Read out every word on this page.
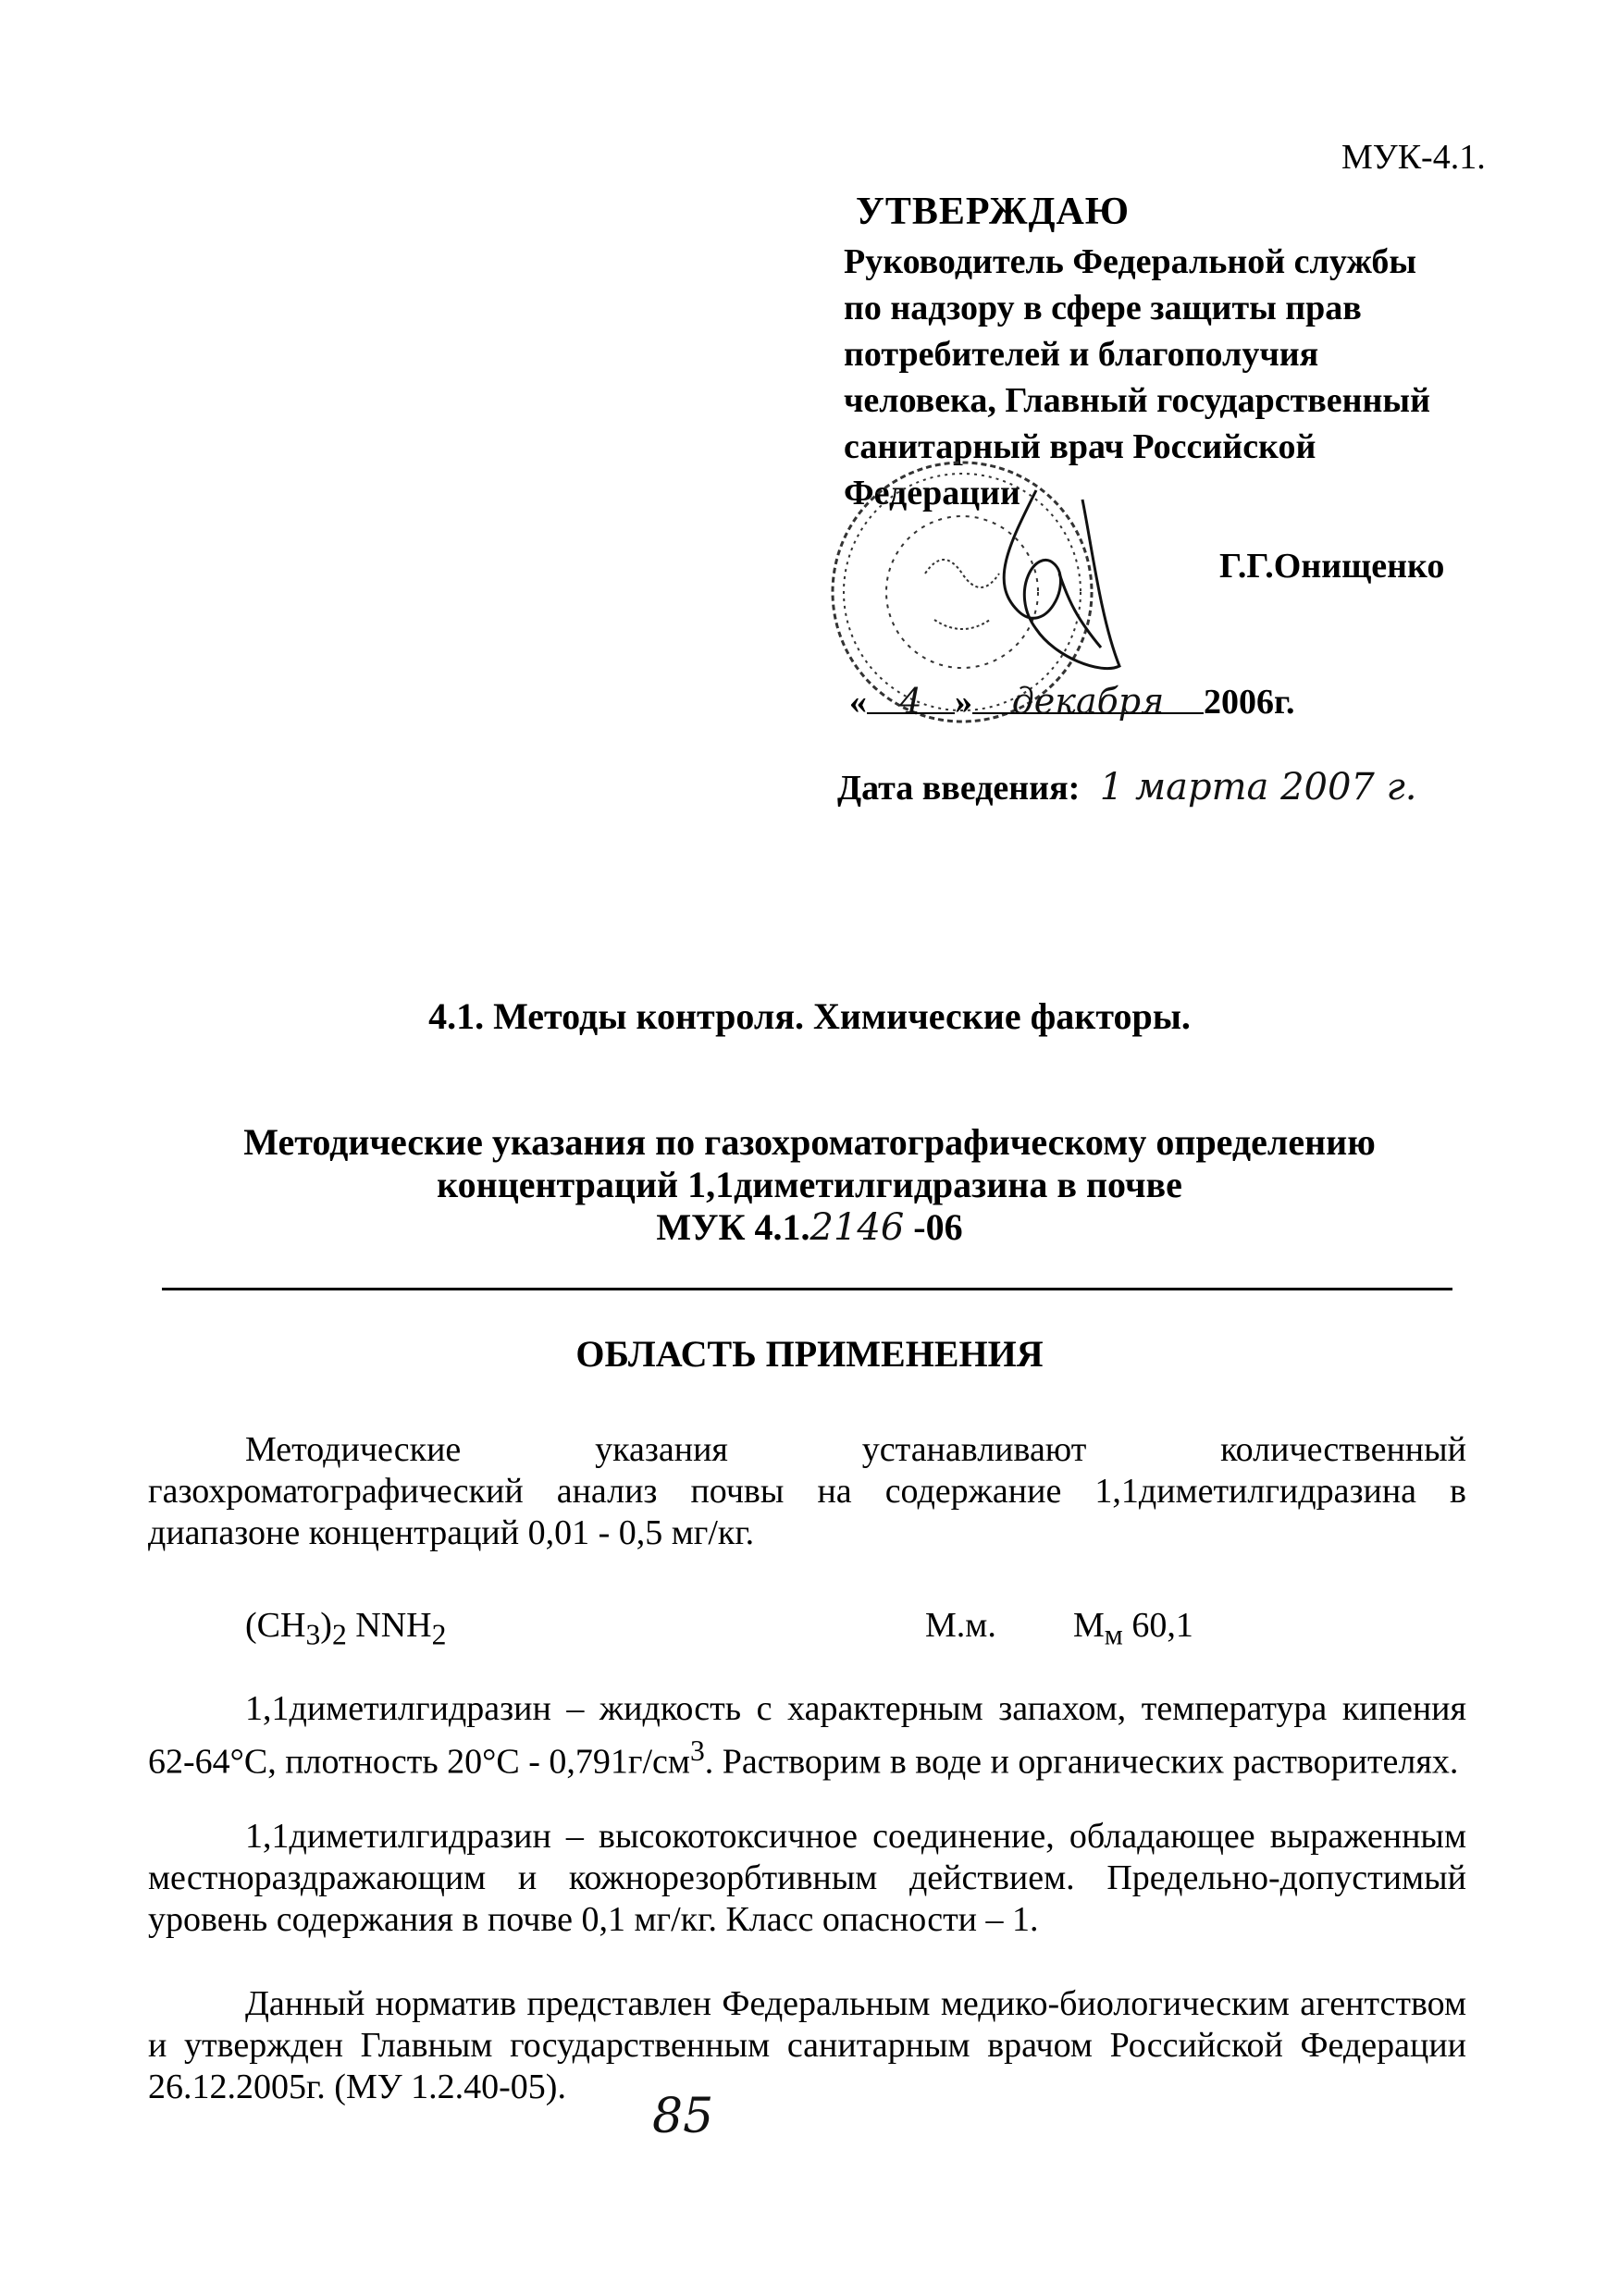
МУК-4.1.
УТВЕРЖДАЮ
Руководитель Федеральной службы
по надзору в сфере защиты прав
потребителей и благополучия
человека, Главный государственный
санитарный врач Российской
Федерации
Г.Г.Онищенко
« 4 » декабря 2006г.
Дата введения: 1 марта 2007 г.
4.1. Методы контроля. Химические факторы.
Методические указания по газохроматографическому определению
концентраций 1,1диметилгидразина в почве
МУК 4.1.2146 -06
ОБЛАСТЬ ПРИМЕНЕНИЯ

Методические указания устанавливают количественный газохроматографический анализ почвы на содержание 1,1диметилгидразина в диапазоне концентраций 0,01 - 0,5 мг/кг.

$(CH_3)_2$ $NNH_2$	М.м. $М_м$ 60,1

1,1диметилгидразин – жидкость с характерным запахом, температура кипения 62-64°С, плотность $20^\circ С - 0,791г/см^3$. Растворим в воде и органических растворителях.

1,1диметилгидразин – высокотоксичное соединение, обладающее выраженным местнораздражающим и кожнорезорбтивным действием. Предельно-допустимый уровень содержания в почве 0,1 мг/кг. Класс опасности – 1.

Данный норматив представлен Федеральным медико-биологическим агентством и утвержден Главным государственным санитарным врачом Российской Федерации 26.12.2005г. (МУ 1.2.40-05).

85
